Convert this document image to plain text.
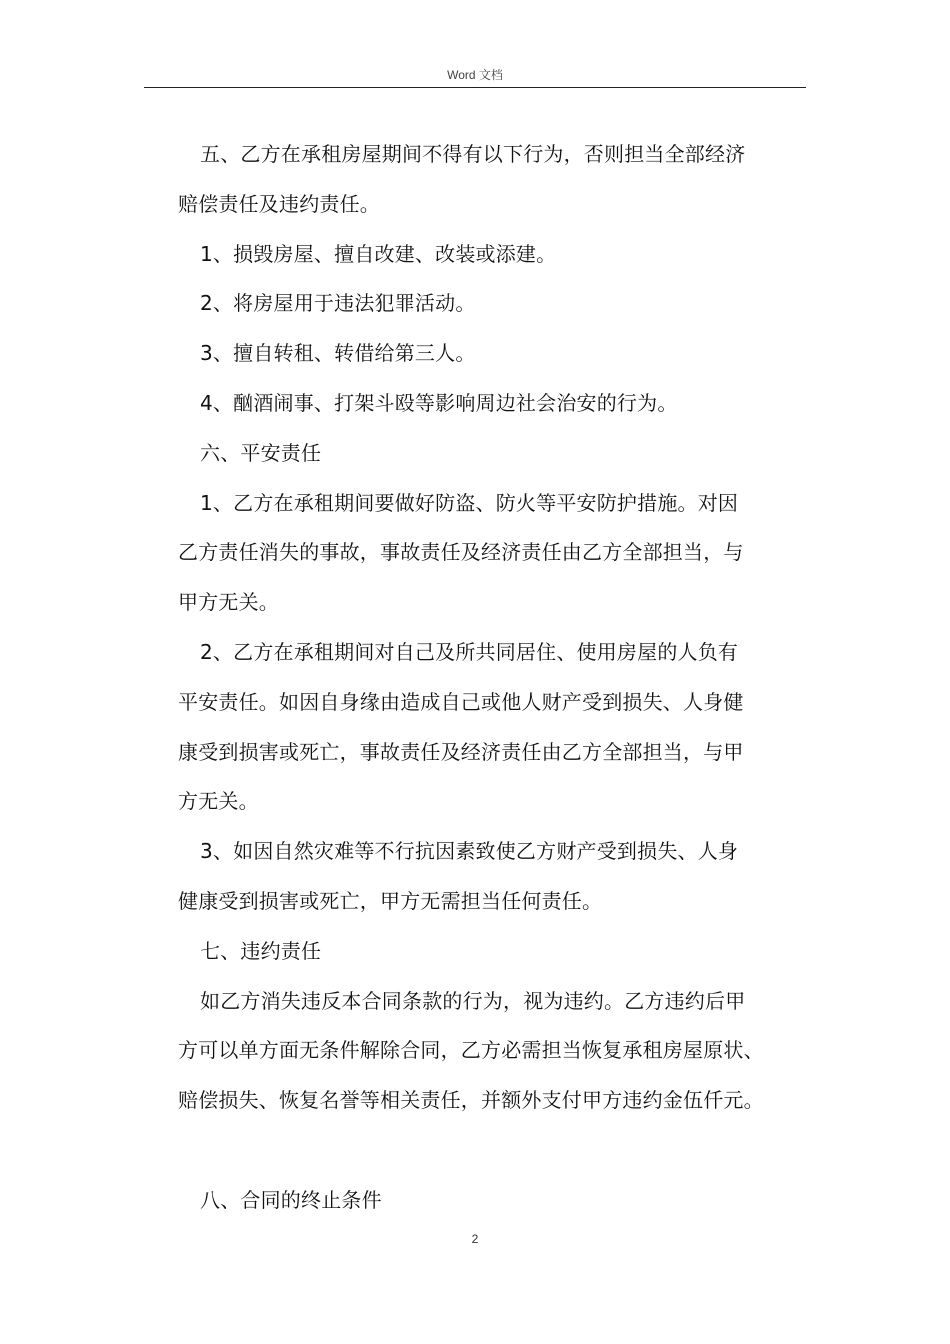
Word 文档

五、乙方在承租房屋期间不得有以下行为，否则担当全部经济

赔偿责任及违约责任。

1、损毁房屋、擅自改建、改装或添建。

2、将房屋用于违法犯罪活动。

3、擅自转租、转借给第三人。

4、酗酒闹事、打架斗殴等影响周边社会治安的行为。

六、平安责任

1、乙方在承租期间要做好防盗、防火等平安防护措施。对因

乙方责任消失的事故，事故责任及经济责任由乙方全部担当，与

甲方无关。

2、乙方在承租期间对自己及所共同居住、使用房屋的人负有

平安责任。如因自身缘由造成自己或他人财产受到损失、人身健

康受到损害或死亡，事故责任及经济责任由乙方全部担当，与甲

方无关。

3、如因自然灾难等不行抗因素致使乙方财产受到损失、人身

健康受到损害或死亡，甲方无需担当任何责任。

七、违约责任

如乙方消失违反本合同条款的行为，视为违约。乙方违约后甲

方可以单方面无条件解除合同，乙方必需担当恢复承租房屋原状、

赔偿损失、恢复名誉等相关责任，并额外支付甲方违约金伍仟元。

八、合同的终止条件

2
